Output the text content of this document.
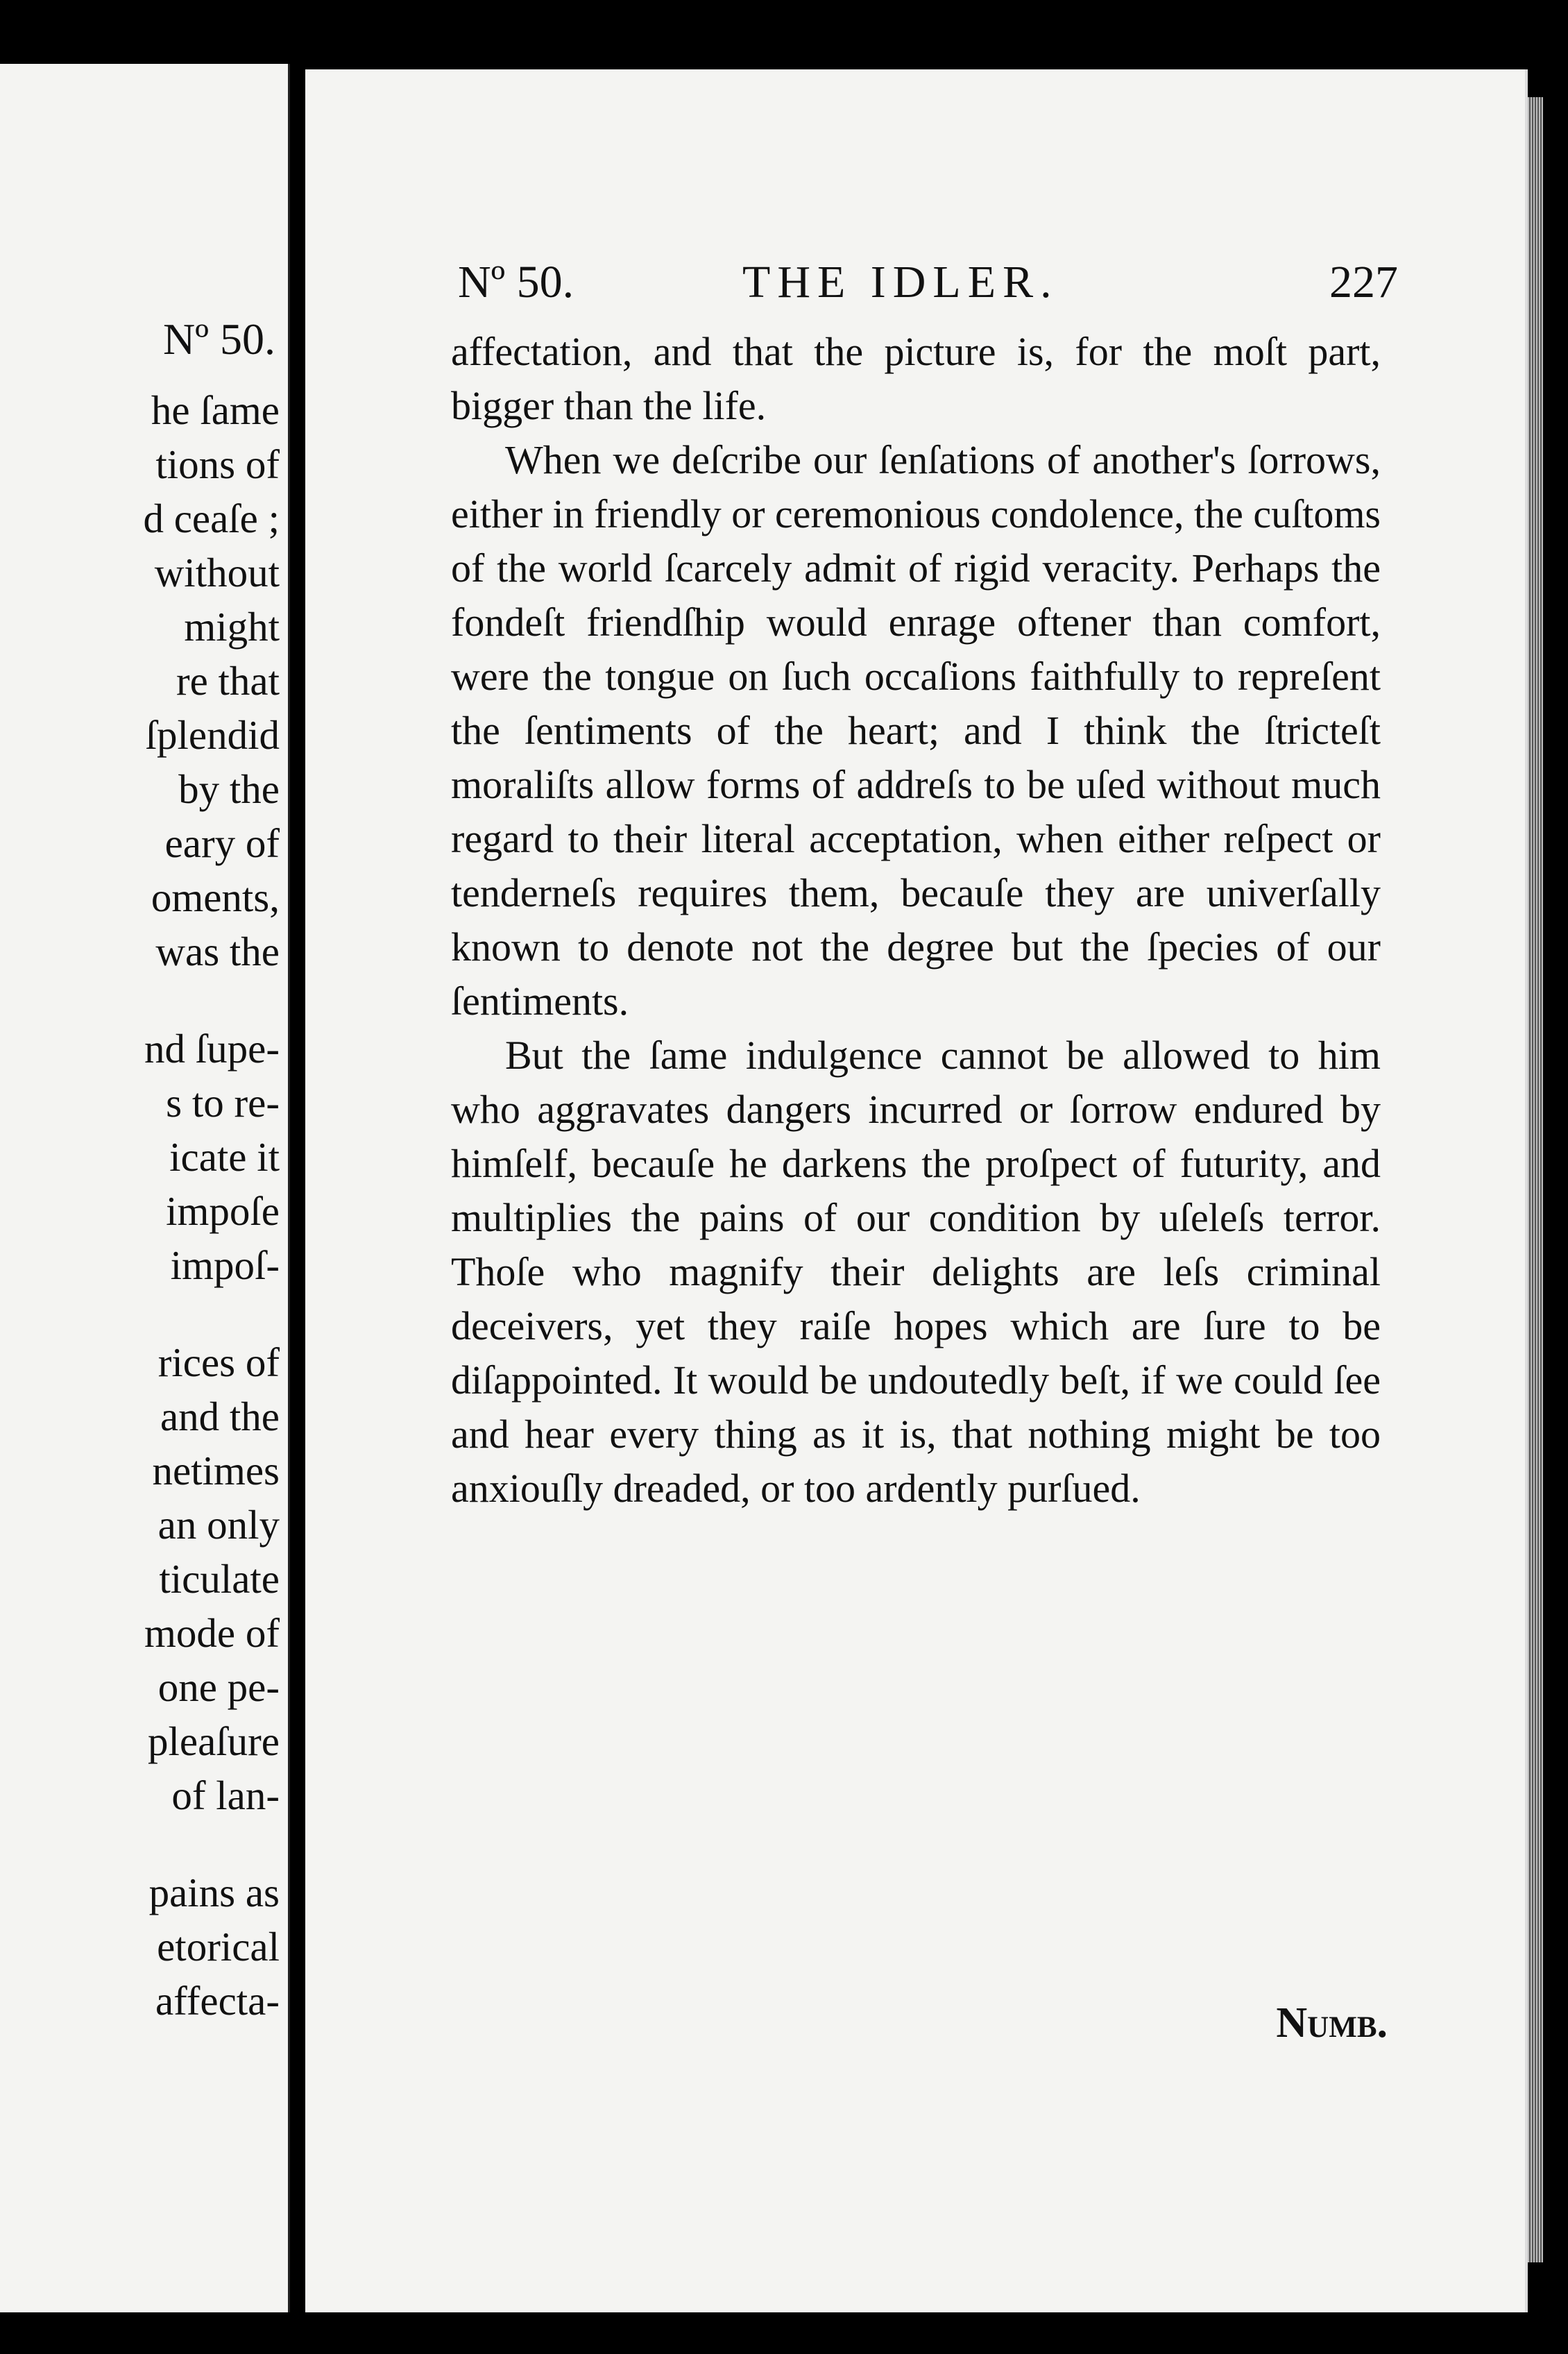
Nº 50.
he ſame
tions of
d ceaſe ;
without
might
re that
ſplendid
by the
eary of
oments,
was the
nd ſupe-
s to re-
icate it
impoſe
impoſ-
rices of
and the
netimes
an only
ticulate
mode of
one pe-
pleaſure
of lan-
pains as
etorical
affecta-
Nº 50.	THE IDLER.	227

affectation, and that the picture is, for the moſt part, bigger than the life.

When we deſcribe our ſenſations of another's ſorrows, either in friendly or ceremonious condolence, the cuſtoms of the world ſcarcely admit of rigid veracity. Perhaps the fondeſt friendſhip would enrage oftener than comfort, were the tongue on ſuch occaſions faithfully to repreſent the ſentiments of the heart; and I think the ſtricteſt moraliſts allow forms of addreſs to be uſed without much regard to their literal acceptation, when either reſpect or tenderneſs requires them, becauſe they are univerſally known to denote not the degree but the ſpecies of our ſentiments.

But the ſame indulgence cannot be allowed to him who aggravates dangers incurred or ſorrow endured by himſelf, becauſe he darkens the proſpect of futurity, and multiplies the pains of our condition by uſeleſs terror. Thoſe who magnify their delights are leſs criminal deceivers, yet they raiſe hopes which are ſure to be diſappointed. It would be undoutedly beſt, if we could ſee and hear every thing as it is, that nothing might be too anxiouſly dreaded, or too ardently purſued.

Numb.
